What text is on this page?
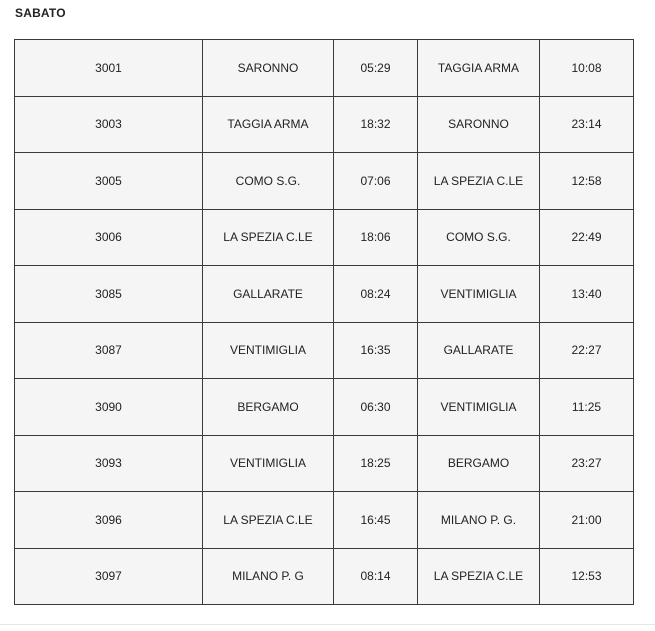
SABATO
3001	SARONNO	05:29	TAGGIA ARMA	10:08
3003	TAGGIA ARMA	18:32	SARONNO	23:14
3005	COMO S.G.	07:06	LA SPEZIA C.LE	12:58
3006	LA SPEZIA C.LE	18:06	COMO S.G.	22:49
3085	GALLARATE	08:24	VENTIMIGLIA	13:40
3087	VENTIMIGLIA	16:35	GALLARATE	22:27
3090	BERGAMO	06:30	VENTIMIGLIA	11:25
3093	VENTIMIGLIA	18:25	BERGAMO	23:27
3096	LA SPEZIA C.LE	16:45	MILANO P. G.	21:00
3097	MILANO P. G	08:14	LA SPEZIA C.LE	12:53
